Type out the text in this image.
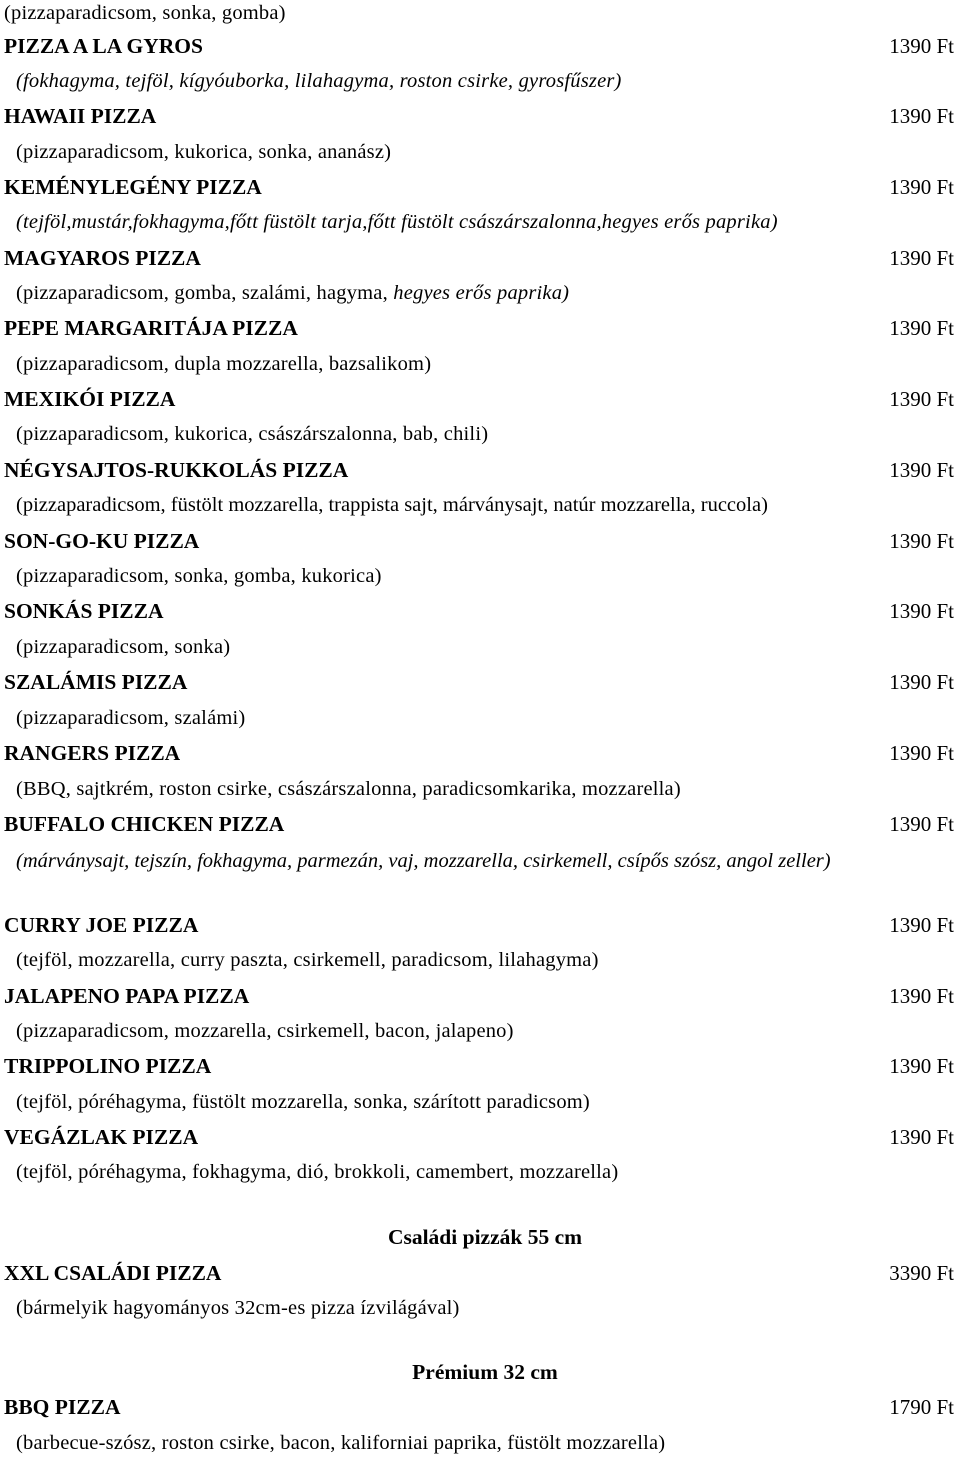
(pizzaparadicsom, sonka, gomba)
PIZZA A LA GYROS	1390 Ft
(fokhagyma, tejföl, kígyóuborka, lilahagyma, roston csirke, gyrosfűszer)
HAWAII PIZZA	1390 Ft
(pizzaparadicsom, kukorica, sonka, ananász)
KEMÉNYLEGÉNY PIZZA	1390 Ft
(tejföl,mustár,fokhagyma,főtt füstölt tarja,főtt füstölt császárszalonna,hegyes erős paprika)
MAGYAROS PIZZA	1390 Ft
(pizzaparadicsom, gomba, szalámi, hagyma, hegyes erős paprika)
PEPE MARGARITÁJA PIZZA	1390 Ft
(pizzaparadicsom, dupla mozzarella, bazsalikom)
MEXIKÓI PIZZA	1390 Ft
(pizzaparadicsom, kukorica, császárszalonna, bab, chili)
NÉGYSAJTOS-RUKKOLÁS PIZZA	1390 Ft
(pizzaparadicsom, füstölt mozzarella, trappista sajt, márványsajt, natúr mozzarella, ruccola)
SON-GO-KU PIZZA	1390 Ft
(pizzaparadicsom, sonka, gomba, kukorica)
SONKÁS PIZZA	1390 Ft
(pizzaparadicsom, sonka)
SZALÁMIS PIZZA	1390 Ft
(pizzaparadicsom, szalámi)
RANGERS PIZZA	1390 Ft
(BBQ, sajtkrém, roston csirke, császárszalonna, paradicsomkarika, mozzarella)
BUFFALO CHICKEN PIZZA	1390 Ft
(márványsajt, tejszín, fokhagyma, parmezán, vaj, mozzarella, csirkemell, csípős szósz, angol zeller)
CURRY JOE PIZZA	1390 Ft
(tejföl, mozzarella, curry paszta, csirkemell, paradicsom, lilahagyma)
JALAPENO PAPA PIZZA	1390 Ft
(pizzaparadicsom, mozzarella, csirkemell, bacon, jalapeno)
TRIPPOLINO PIZZA	1390 Ft
(tejföl, póréhagyma, füstölt mozzarella, sonka, szárított paradicsom)
VEGÁZLAK PIZZA	1390 Ft
(tejföl, póréhagyma, fokhagyma, dió, brokkoli, camembert, mozzarella)
Családi pizzák 55 cm
XXL CSALÁDI PIZZA	3390 Ft
(bármelyik hagyományos 32cm-es pizza ízvilágával)
Prémium 32 cm
BBQ PIZZA	1790 Ft
(barbecue-szósz, roston csirke, bacon, kaliforniai paprika, füstölt mozzarella)
